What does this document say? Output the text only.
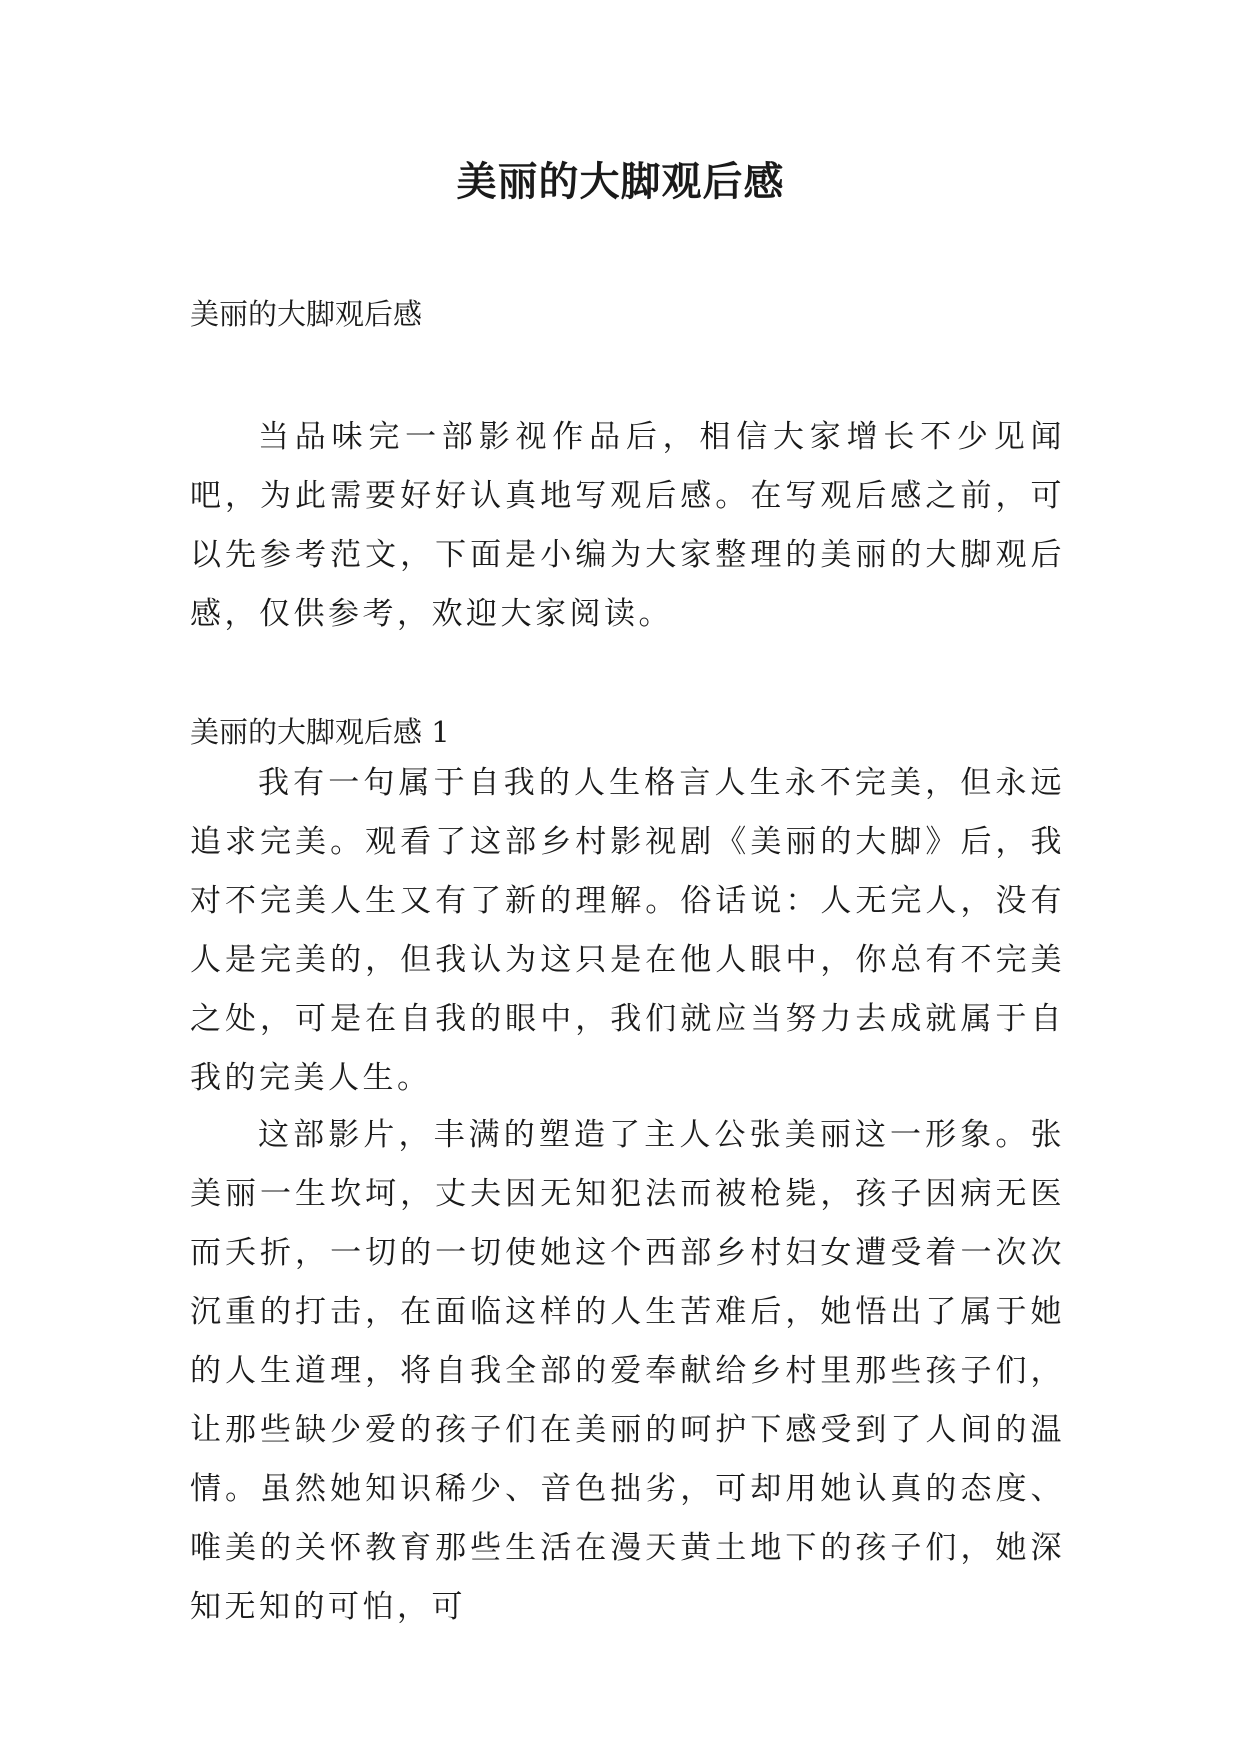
美丽的大脚观后感

美丽的大脚观后感

当品味完一部影视作品后，相信大家增长不少见闻吧，为此需要好好认真地写观后感。在写观后感之前，可以先参考范文，下面是小编为大家整理的美丽的大脚观后感，仅供参考，欢迎大家阅读。

美丽的大脚观后感 1

我有一句属于自我的人生格言人生永不完美，但永远追求完美。观看了这部乡村影视剧《美丽的大脚》后，我对不完美人生又有了新的理解。俗话说：人无完人，没有人是完美的，但我认为这只是在他人眼中，你总有不完美之处，可是在自我的眼中，我们就应当努力去成就属于自我的完美人生。

这部影片，丰满的塑造了主人公张美丽这一形象。张美丽一生坎坷，丈夫因无知犯法而被枪毙，孩子因病无医而夭折，一切的一切使她这个西部乡村妇女遭受着一次次沉重的打击，在面临这样的人生苦难后，她悟出了属于她的人生道理，将自我全部的爱奉献给乡村里那些孩子们，让那些缺少爱的孩子们在美丽的呵护下感受到了人间的温情。虽然她知识稀少、音色拙劣，可却用她认真的态度、唯美的关怀教育那些生活在漫天黄土地下的孩子们，她深知无知的可怕，可
